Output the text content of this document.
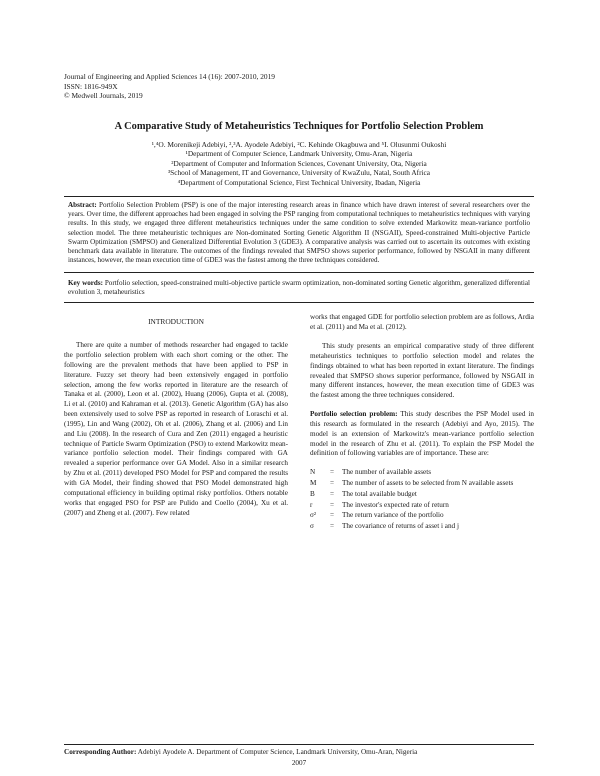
Journal of Engineering and Applied Sciences 14 (16): 2007-2010, 2019
ISSN: 1816-949X
© Medwell Journals, 2019
A Comparative Study of Metaheuristics Techniques for Portfolio Selection Problem
¹,⁴O. Morenikeji Adebiyi, ²,³A. Ayodele Adebiyi, ²C. Kehinde Okagbuwa and ⁵I. Olusunmi Oukoshi
¹Department of Computer Science, Landmark University, Omu-Aran, Nigeria
²Department of Computer and Information Sciences, Covenant University, Ota, Nigeria
³School of Management, IT and Governance, University of KwaZulu, Natal, South Africa
⁴Department of Computational Science, First Technical University, Ibadan, Nigeria

Abstract: Portfolio Selection Problem (PSP) is one of the major interesting research areas in finance which have drawn interest of several researchers over the years. Over time, the different approaches had been engaged in solving the PSP ranging from computational techniques to metaheuristics techniques with varying results. In this study, we engaged three different metaheuristics techniques under the same condition to solve extended Markowitz mean-variance portfolio selection model. The three metaheuristic techniques are Non-dominated Sorting Genetic Algorithm II (NSGAII), Speed-constrained Multi-objective Particle Swarm Optimization (SMPSO) and Generalized Differential Evolution 3 (GDE3). A comparative analysis was carried out to ascertain its outcomes with existing benchmark data available in literature. The outcomes of the findings revealed that SMPSO shows superior performance, followed by NSGAII in many different instances, however, the mean execution time of GDE3 was the fastest among the three techniques considered.

Key words: Portfolio selection, speed-constrained multi-objective particle swarm optimization, non-dominated sorting Genetic algorithm, generalized differential evolution 3, metaheuristics
INTRODUCTION

There are quite a number of methods researcher had engaged to tackle the portfolio selection problem with each short coming or the other. The following are the prevalent methods that have been applied to PSP in literature. Fuzzy set theory had been extensively engaged in portfolio selection, among the few works reported in literature are the research of Tanaka et al. (2000), Leon et al. (2002), Huang (2006), Gupta et al. (2008), Li et al. (2010) and Kahraman et al. (2013). Genetic Algorithm (GA) has also been extensively used to solve PSP as reported in research of Loraschi et al. (1995), Lin and Wang (2002), Oh et al. (2006), Zhang et al. (2006) and Lin and Liu (2008). In the research of Cura and Zen (2011) engaged a heuristic technique of Particle Swarm Optimization (PSO) to extend Markowitz mean-variance portfolio selection model. Their findings compared with GA revealed a superior performance over GA Model. Also in a similar research by Zhu et al. (2011) developed PSO Model for PSP and compared the results with GA Model, their finding showed that PSO Model demonstrated high computational efficiency in building optimal risky portfolios. Others notable works that engaged PSO for PSP are Pulido and Coello (2004), Xu et al. (2007) and Zheng et al. (2007). Few related

works that engaged GDE for portfolio selection problem are as follows, Ardia et al. (2011) and Ma et al. (2012).

This study presents an empirical comparative study of three different metaheuristics techniques to portfolio selection model and relates the findings obtained to what has been reported in extant literature. The findings revealed that SMPSO shows superior performance, followed by NSGAII in many different instances, however, the mean execution time of GDE3 was the fastest among the three techniques considered.

Portfolio selection problem: This study describes the PSP Model used in this research as formulated in the research (Adebiyi and Ayo, 2015). The model is an extension of Markowitz's mean-variance portfolio selection model in the research of Zhu et al. (2011). To explain the PSP Model the definition of following variables are of importance. These are:

N	=	The number of available assets
M	=	The number of assets to be selected from N available assets
B	=	The total available budget
r	=	The investor's expected rate of return
σ²	=	The return variance of the portfolio
σ	=	The covariance of returns of asset i and j
Corresponding Author: Adebiyi Ayodele A. Department of Computer Science, Landmark University, Omu-Aran, Nigeria
2007
